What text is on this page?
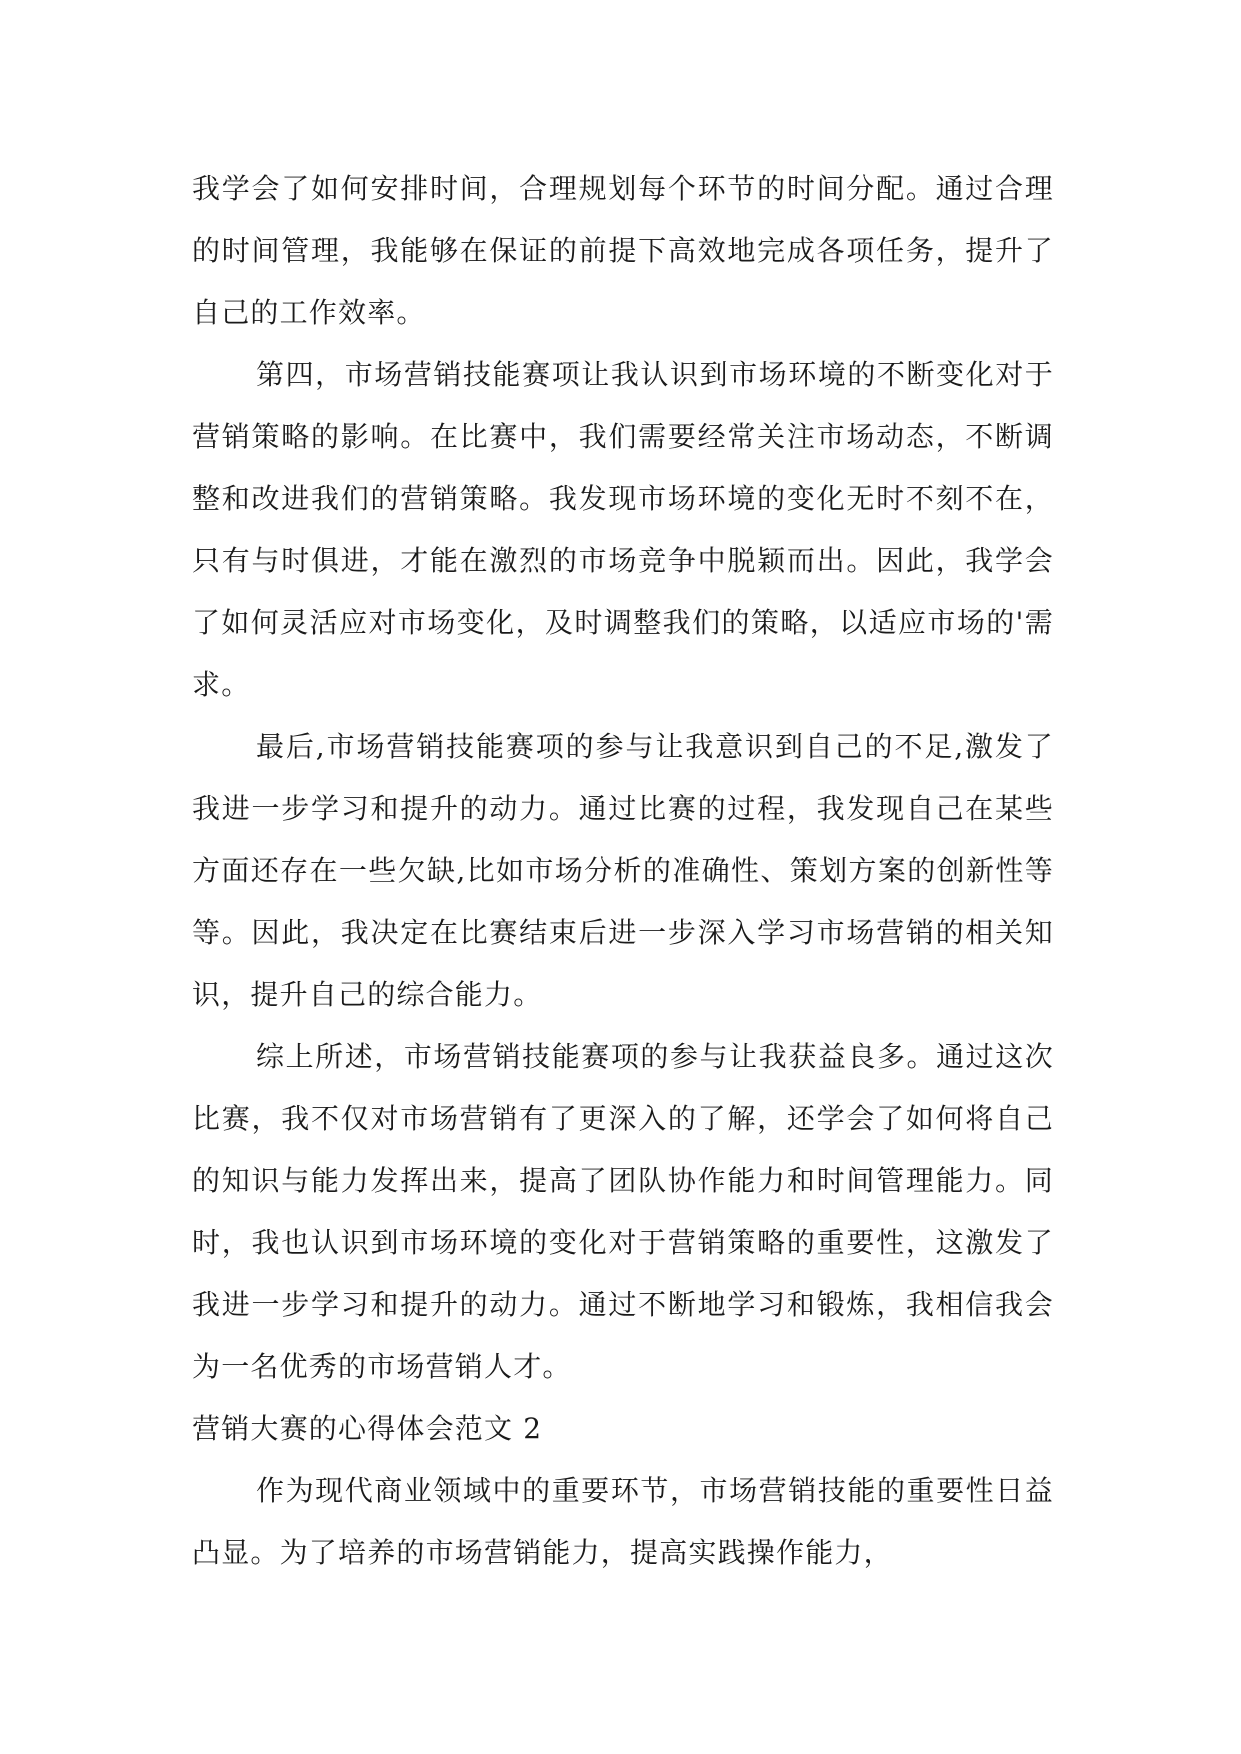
我学会了如何安排时间，合理规划每个环节的时间分配。通过合理的时间管理，我能够在保证的前提下高效地完成各项任务，提升了自己的工作效率。

第四，市场营销技能赛项让我认识到市场环境的不断变化对于营销策略的影响。在比赛中，我们需要经常关注市场动态，不断调整和改进我们的营销策略。我发现市场环境的变化无时不刻不在，只有与时俱进，才能在激烈的市场竞争中脱颖而出。因此，我学会了如何灵活应对市场变化，及时调整我们的策略，以适应市场的'需求。

最后,市场营销技能赛项的参与让我意识到自己的不足,激发了我进一步学习和提升的动力。通过比赛的过程，我发现自己在某些方面还存在一些欠缺,比如市场分析的准确性、策划方案的创新性等等。因此，我决定在比赛结束后进一步深入学习市场营销的相关知识，提升自己的综合能力。

综上所述，市场营销技能赛项的参与让我获益良多。通过这次比赛，我不仅对市场营销有了更深入的了解，还学会了如何将自己的知识与能力发挥出来，提高了团队协作能力和时间管理能力。同时，我也认识到市场环境的变化对于营销策略的重要性，这激发了我进一步学习和提升的动力。通过不断地学习和锻炼，我相信我会为一名优秀的市场营销人才。

营销大赛的心得体会范文 2

作为现代商业领域中的重要环节，市场营销技能的重要性日益凸显。为了培养的市场营销能力，提高实践操作能力，
